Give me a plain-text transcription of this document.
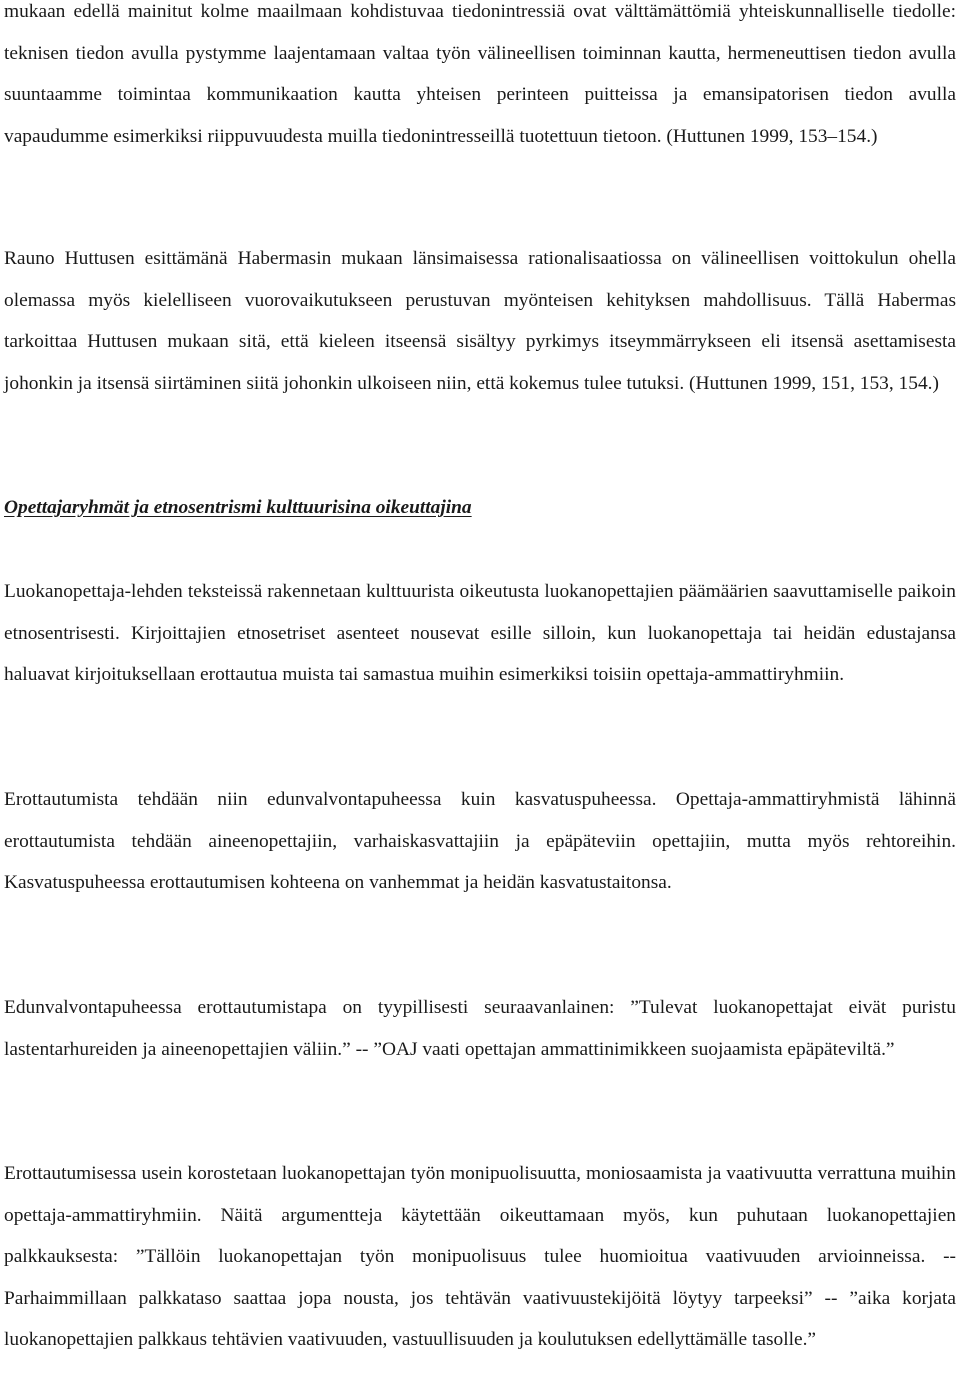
mukaan edellä mainitut kolme maailmaan kohdistuvaa tiedonintressiä ovat välttämättömiä yhteiskunnalliselle tiedolle: teknisen tiedon avulla pystymme laajentamaan valtaa työn välineellisen toiminnan kautta, hermeneuttisen tiedon avulla suuntaamme toimintaa kommunikaation kautta yhteisen perinteen puitteissa ja emansipatorisen tiedon avulla vapaudumme esimerkiksi riippuvuudesta muilla tiedonintresseillä tuotettuun tietoon. (Huttunen 1999, 153–154.)

Rauno Huttusen esittämänä Habermasin mukaan länsimaisessa rationalisaatiossa on välineellisen voittokulun ohella olemassa myös kielelliseen vuorovaikutukseen perustuvan myönteisen kehityksen mahdollisuus. Tällä Habermas tarkoittaa Huttusen mukaan sitä, että kieleen itseensä sisältyy pyrkimys itseymmärrykseen eli itsensä asettamisesta johonkin ja itsensä siirtäminen siitä johonkin ulkoiseen niin, että kokemus tulee tutuksi. (Huttunen 1999, 151, 153, 154.)

Opettajaryhmät ja etnosentrismi kulttuurisina oikeuttajina

Luokanopettaja-lehden teksteissä rakennetaan kulttuurista oikeutusta luokanopettajien päämäärien saavuttamiselle paikoin etnosentrisesti. Kirjoittajien etnosetriset asenteet nousevat esille silloin, kun luokanopettaja tai heidän edustajansa haluavat kirjoituksellaan erottautua muista tai samastua muihin esimerkiksi toisiin opettaja-ammattiryhmiin.

Erottautumista tehdään niin edunvalvontapuheessa kuin kasvatuspuheessa. Opettaja-ammattiryhmistä lähinnä erottautumista tehdään aineenopettajiin, varhaiskasvattajiin ja epäpäteviin opettajiin, mutta myös rehtoreihin. Kasvatuspuheessa erottautumisen kohteena on vanhemmat ja heidän kasvatustaitonsa.

Edunvalvontapuheessa erottautumistapa on tyypillisesti seuraavanlainen: ”Tulevat luokanopettajat eivät puristu lastentarhureiden ja aineenopettajien väliin.” -- ”OAJ vaati opettajan ammattinimikkeen suojaamista epäpäteviltä.”

Erottautumisessa usein korostetaan luokanopettajan työn monipuolisuutta, moniosaamista ja vaativuutta verrattuna muihin opettaja-ammattiryhmiin. Näitä argumentteja käytettään oikeuttamaan myös, kun puhutaan luokanopettajien palkkauksesta: ”Tällöin luokanopettajan työn monipuolisuus tulee huomioitua vaativuuden arvioinneissa. -- Parhaimmillaan palkkataso saattaa jopa nousta, jos tehtävän vaativuustekijöitä löytyy tarpeeksi” -- ”aika korjata luokanopettajien palkkaus tehtävien vaativuuden, vastuullisuuden ja koulutuksen edellyttämälle tasolle.”
